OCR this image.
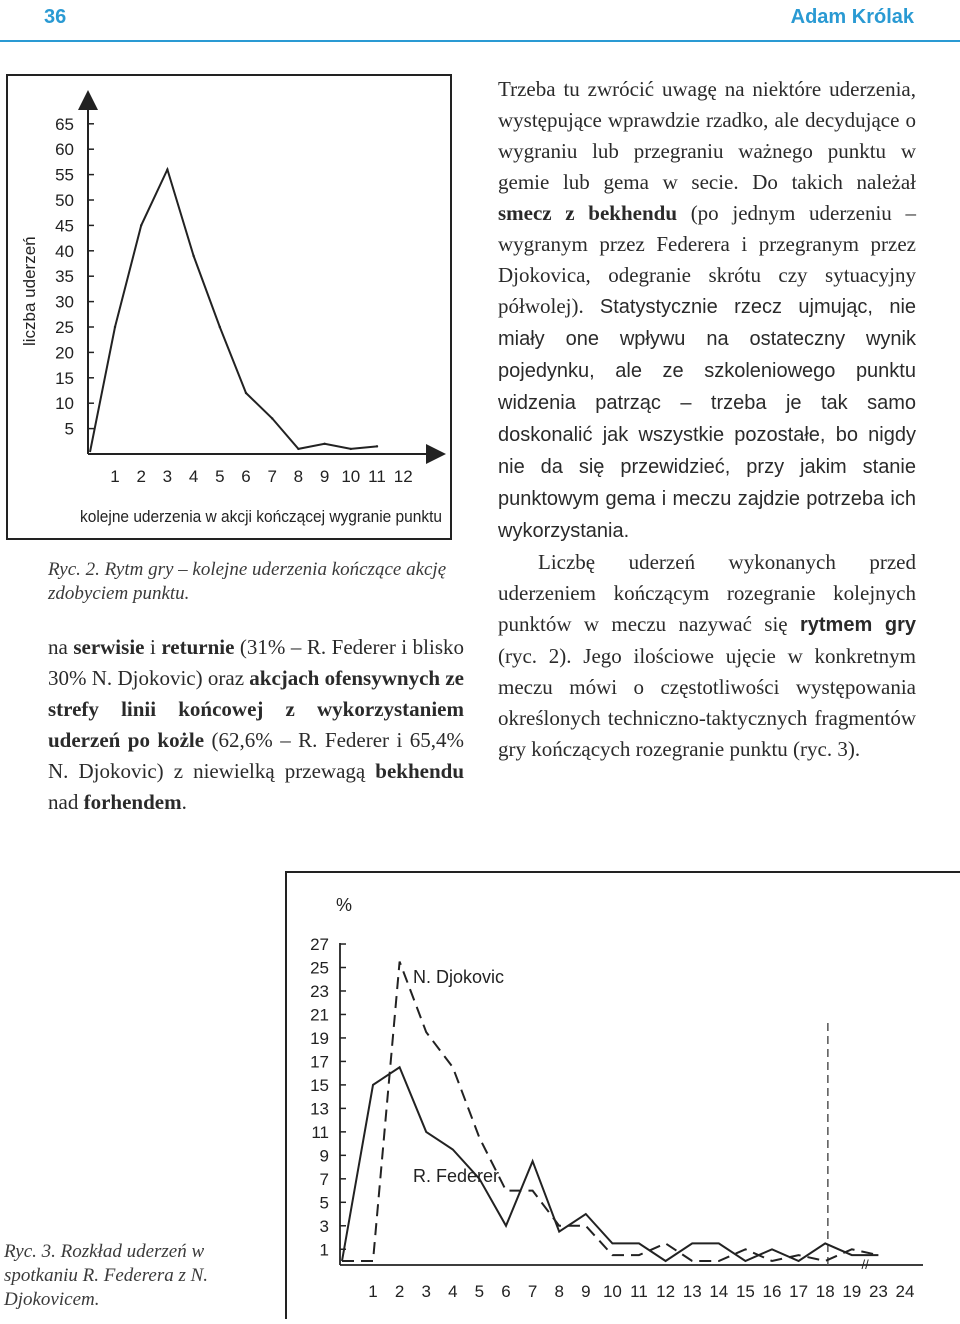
36	Adam Królak
65
60
55
50
45
40
35
30
25
20
15
10
5
1 2 3 4 5 6 7 8 9 10 11 12
kolejne uderzenia w akcji kończącej wygranie punktu
liczba uderzeń
Ryc. 2. Rytm gry – kolejne uderzenia kończące akcję zdobyciem punktu.

na serwisie i returnie (31% – R. Federer i blisko 30% N. Djokovic) oraz akcjach ofensywnych ze strefy linii końcowej z wykorzystaniem uderzeń po kożle (62,6% – R. Federer i 65,4% N. Djokovic) z niewielką przewagą bekhendu nad forhendem.

Trzeba tu zwrócić uwagę na niektóre uderzenia, występujące wprawdzie rzadko, ale decydujące o wygraniu lub przegraniu ważnego punktu w gemie lub gema w secie. Do takich należał smecz z bekhendu (po jednym uderzeniu – wygranym przez Federera i przegranym przez Djokovica, odegranie skrótu czy sytuacyjny półwolej). Statystycznie rzecz ujmując, nie miały one wpływu na ostateczny wynik pojedynku, ale ze szkoleniowego punktu widzenia patrząc – trzeba je tak samo doskonalić jak wszystkie pozostałe, bo nigdy nie da się przewidzieć, przy jakim stanie punktowym gema i meczu zajdzie potrzeba ich wykorzystania.

Liczbę uderzeń wykonanych przed uderzeniem kończącym rozegranie kolejnych punktów w meczu nazywać się rytmem gry (ryc. 2). Jego ilościowe ujęcie w konkretnym meczu mówi o częstotliwości występowania określonych techniczno-taktycznych fragmentów gry kończących rozegranie punktu (ryc. 3).

%
27
25
23
21
19
17
15
13
11
9
7
5
3
1
1 2 3 4 5 6 7 8 9 10 11 12 13 14 15 16 17 18 19 23 24
//
N. Djokovic
R. Federer
Ryc. 3. Rozkład uderzeń w spotkaniu R. Federera z N. Djokovicem.
